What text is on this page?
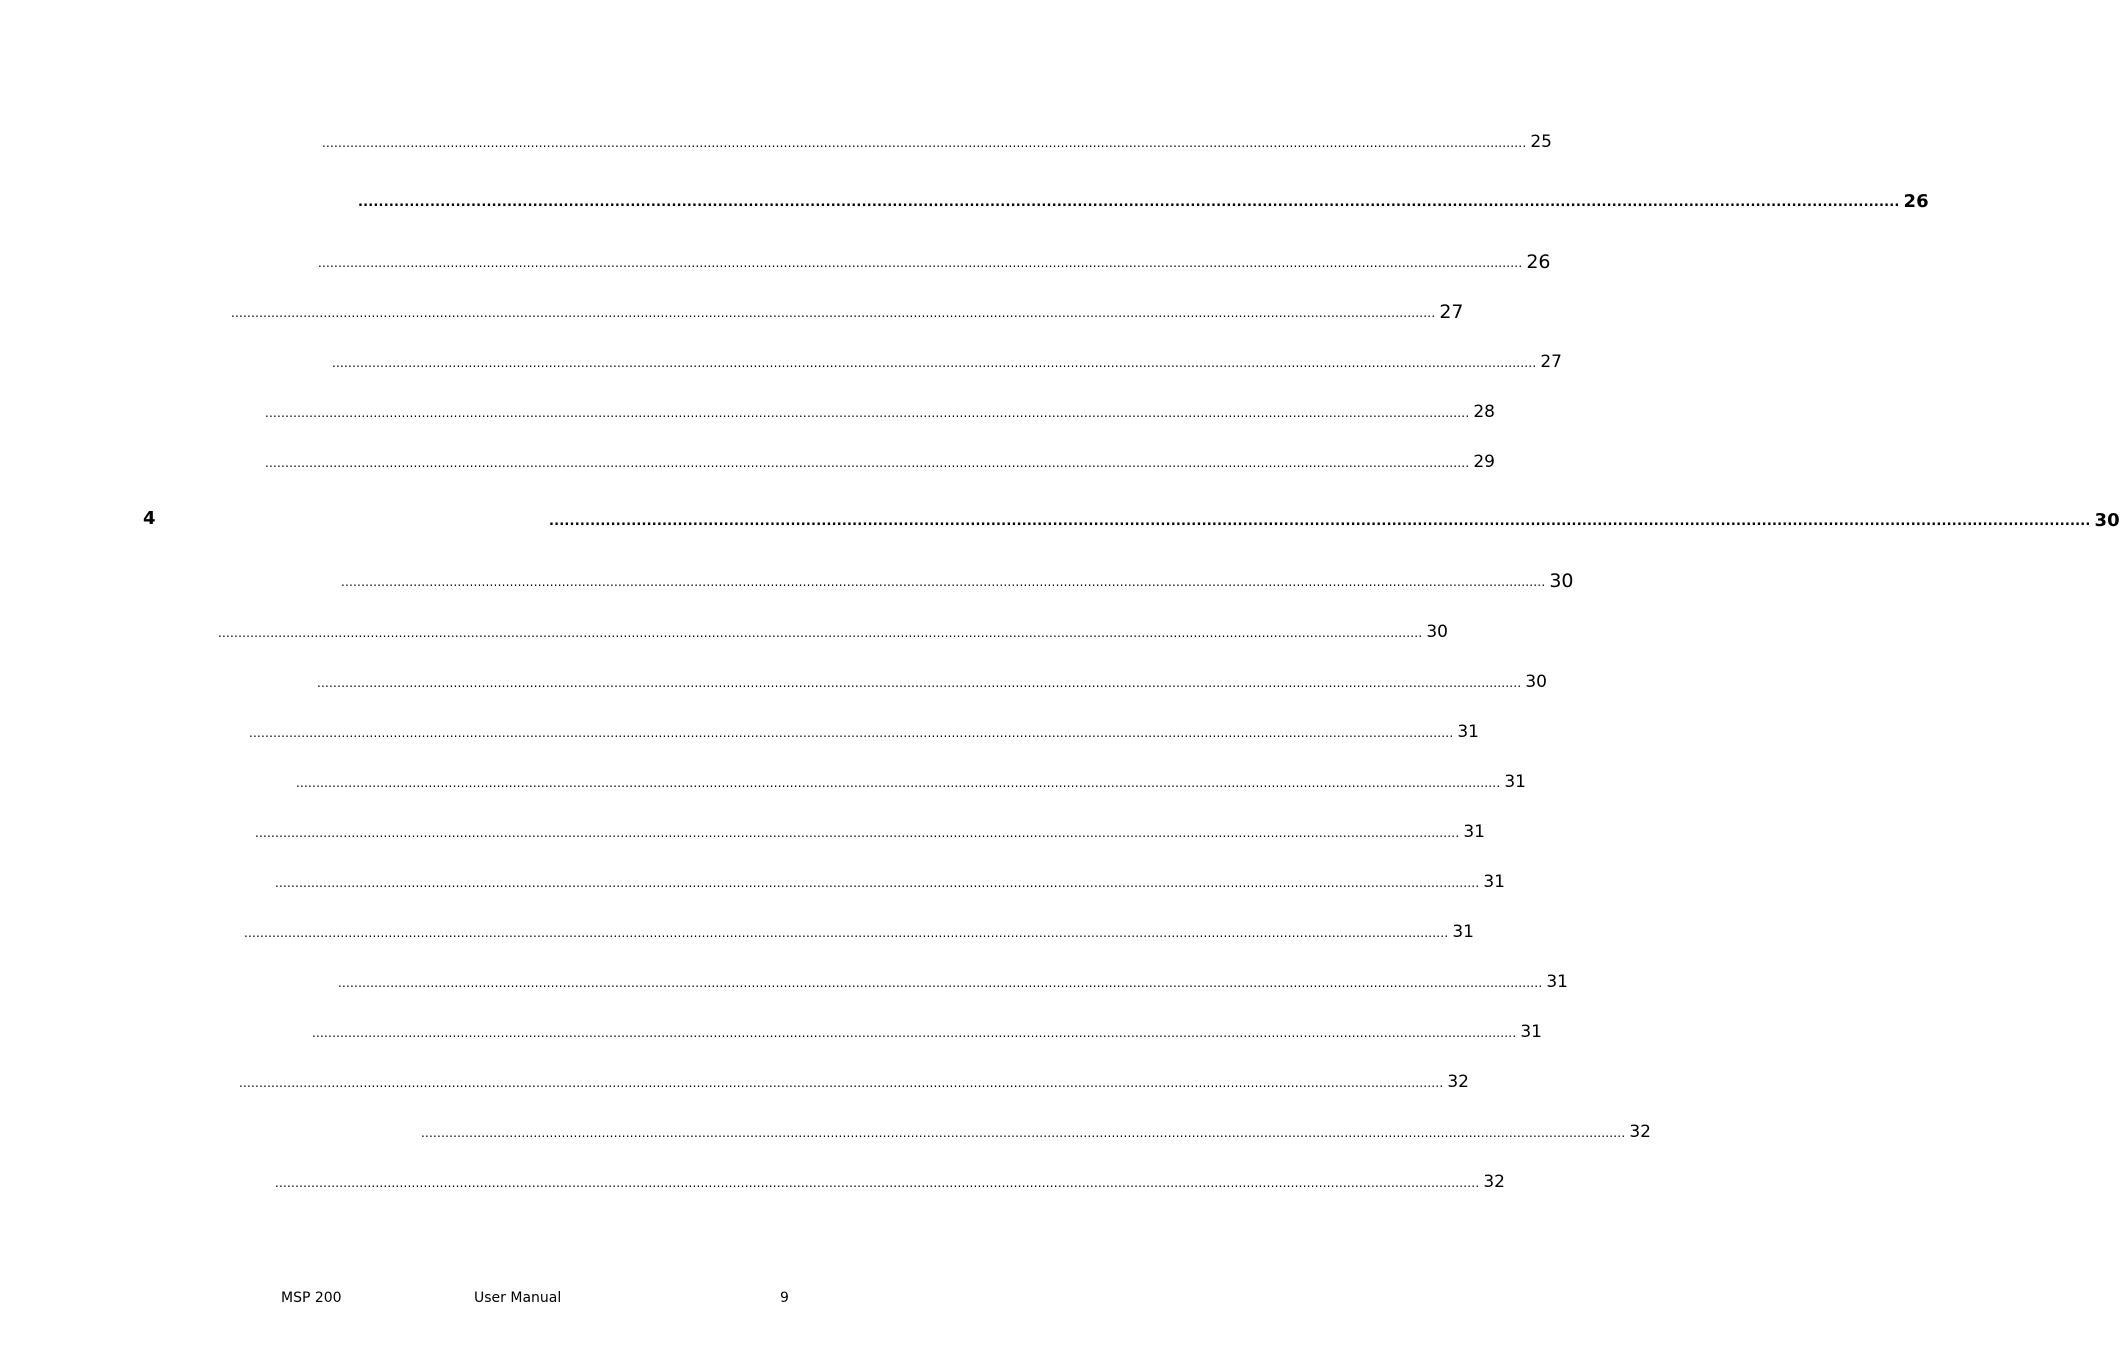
4
............................................................................................................................................................................................................................................................................................................ 25
............................................................................................................................................................................................................................................................................................................ 26
............................................................................................................................................................................................................................................................................................................ 26
............................................................................................................................................................................................................................................................................................................ 27
............................................................................................................................................................................................................................................................................................................ 27
............................................................................................................................................................................................................................................................................................................ 28
............................................................................................................................................................................................................................................................................................................ 29
............................................................................................................................................................................................................................................................................................................ 30
............................................................................................................................................................................................................................................................................................................ 30
............................................................................................................................................................................................................................................................................................................ 30
............................................................................................................................................................................................................................................................................................................ 30
............................................................................................................................................................................................................................................................................................................ 31
............................................................................................................................................................................................................................................................................................................ 31
............................................................................................................................................................................................................................................................................................................ 31
............................................................................................................................................................................................................................................................................................................ 31
............................................................................................................................................................................................................................................................................................................ 31
............................................................................................................................................................................................................................................................................................................ 31
............................................................................................................................................................................................................................................................................................................ 31
............................................................................................................................................................................................................................................................................................................ 32
............................................................................................................................................................................................................................................................................................................ 32
............................................................................................................................................................................................................................................................................................................ 32
MSP 200	User Manual	9
